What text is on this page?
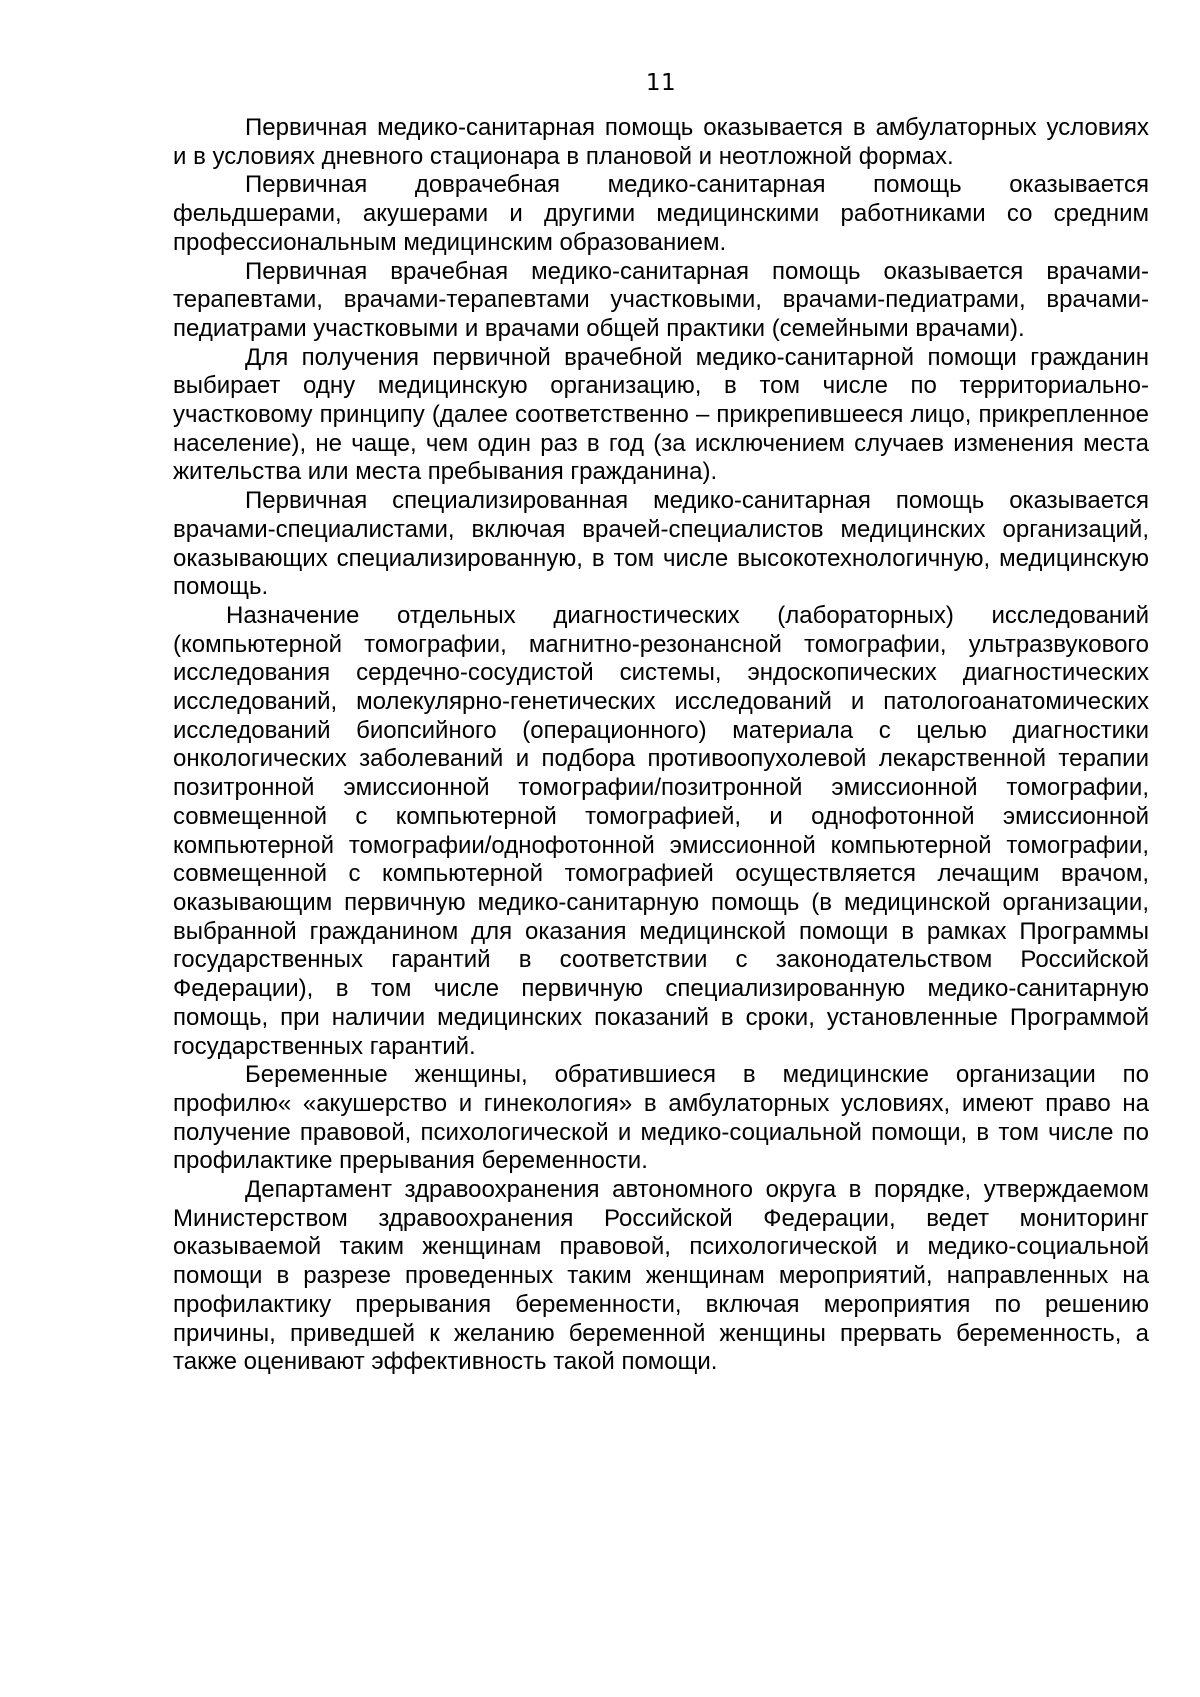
11

Первичная медико-санитарная помощь оказывается в амбулаторных условиях и в условиях дневного стационара в плановой и неотложной формах.

Первичная доврачебная медико-санитарная помощь оказывается фельдшерами, акушерами и другими медицинскими работниками со средним профессиональным медицинским образованием.

Первичная врачебная медико-санитарная помощь оказывается врачами-терапевтами, врачами-терапевтами участковыми, врачами-педиатрами, врачами-педиатрами участковыми и врачами общей практики (семейными врачами).

Для получения первичной врачебной медико-санитарной помощи гражданин выбирает одну медицинскую организацию, в том числе по территориально-участковому принципу (далее соответственно – прикрепившееся лицо, прикрепленное население), не чаще, чем один раз в год (за исключением случаев изменения места жительства или места пребывания гражданина).

Первичная специализированная медико-санитарная помощь оказывается врачами-специалистами, включая врачей-специалистов медицинских организаций, оказывающих специализированную, в том числе высокотехнологичную, медицинскую помощь.

Назначение отдельных диагностических (лабораторных) исследований (компьютерной томографии, магнитно-резонансной томографии, ультразвукового исследования сердечно-сосудистой системы, эндоскопических диагностических исследований, молекулярно-генетических исследований и патологоанатомических исследований биопсийного (операционного) материала с целью диагностики онкологических заболеваний и подбора противоопухолевой лекарственной терапии позитронной эмиссионной томографии/позитронной эмиссионной томографии, совмещенной с компьютерной томографией, и однофотонной эмиссионной компьютерной томографии/однофотонной эмиссионной компьютерной томографии, совмещенной с компьютерной томографией осуществляется лечащим врачом, оказывающим первичную медико-санитарную помощь (в медицинской организации, выбранной гражданином для оказания медицинской помощи в рамках Программы государственных гарантий в соответствии с законодательством Российской Федерации), в том числе первичную специализированную медико-санитарную помощь, при наличии медицинских показаний в сроки, установленные Программой государственных гарантий.

Беременные женщины, обратившиеся в медицинские организации по профилю« «акушерство и гинекология» в амбулаторных условиях, имеют право на получение правовой, психологической и медико-социальной помощи, в том числе по профилактике прерывания беременности.

Департамент здравоохранения автономного округа в порядке, утверждаемом Министерством здравоохранения Российской Федерации, ведет мониторинг оказываемой таким женщинам правовой, психологической и медико-социальной помощи в разрезе проведенных таким женщинам мероприятий, направленных на профилактику прерывания беременности, включая мероприятия по решению причины, приведшей к желанию беременной женщины прервать беременность, а также оценивают эффективность такой помощи.
